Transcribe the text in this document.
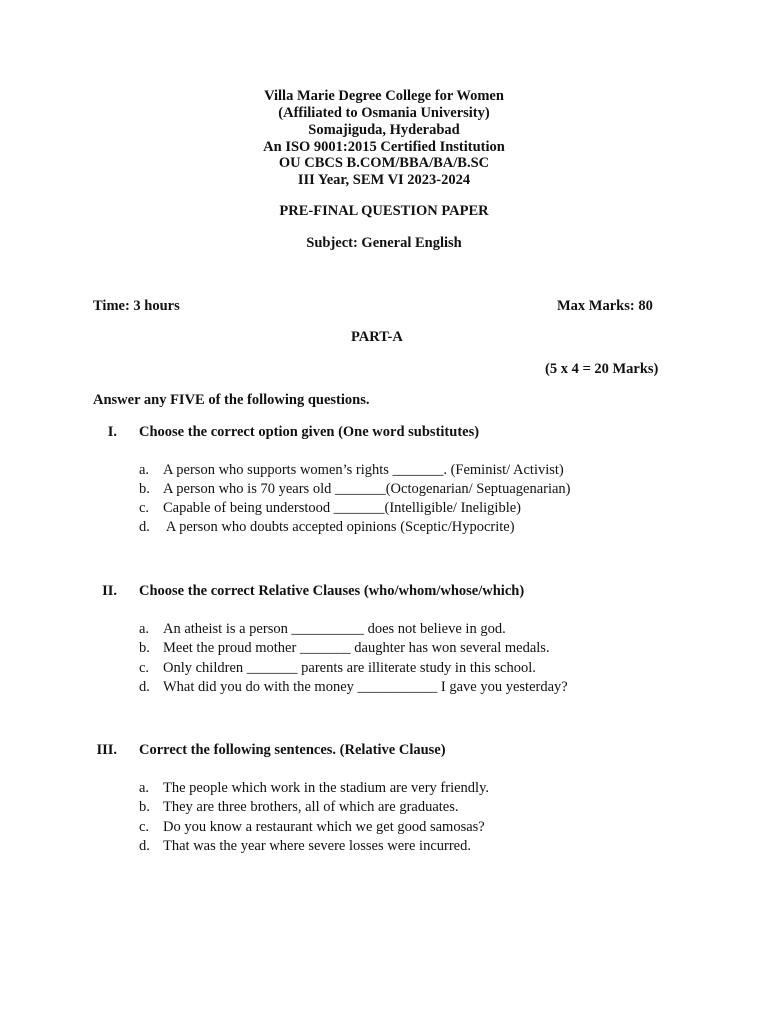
Villa Marie Degree College for Women
(Affiliated to Osmania University)
Somajiguda, Hyderabad
An ISO 9001:2015 Certified Institution
OU CBCS B.COM/BBA/BA/B.SC
III Year, SEM VI 2023-2024
PRE-FINAL QUESTION PAPER
Subject: General English
Time: 3 hours	Max Marks: 80
PART-A
(5 x 4 = 20 Marks)
Answer any FIVE of the following questions.
I. Choose the correct option given (One word substitutes)
a. A person who supports women’s rights _______. (Feminist/ Activist)
b. A person who is 70 years old _______(Octogenarian/ Septuagenarian)
c. Capable of being understood _______(Intelligible/ Ineligible)
d. A person who doubts accepted opinions (Sceptic/Hypocrite)
II. Choose the correct Relative Clauses (who/whom/whose/which)
a. An atheist is a person __________ does not believe in god.
b. Meet the proud mother _______ daughter has won several medals.
c. Only children _______ parents are illiterate study in this school.
d. What did you do with the money ___________ I gave you yesterday?
III. Correct the following sentences. (Relative Clause)
a. The people which work in the stadium are very friendly.
b. They are three brothers, all of which are graduates.
c. Do you know a restaurant which we get good samosas?
d. That was the year where severe losses were incurred.
